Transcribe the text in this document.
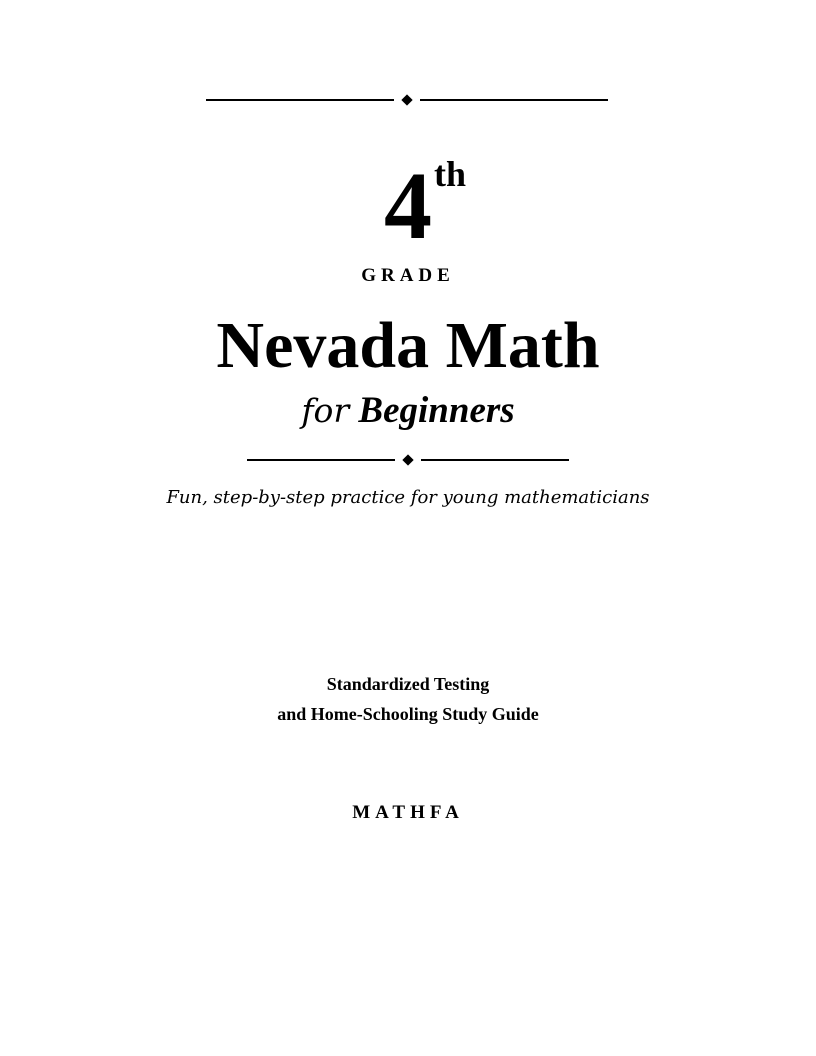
4 th
GRADE
Nevada Math
for Beginners
Fun, step-by-step practice for young mathematicians
Standardized Testing
and Home-Schooling Study Guide
MATHFA
